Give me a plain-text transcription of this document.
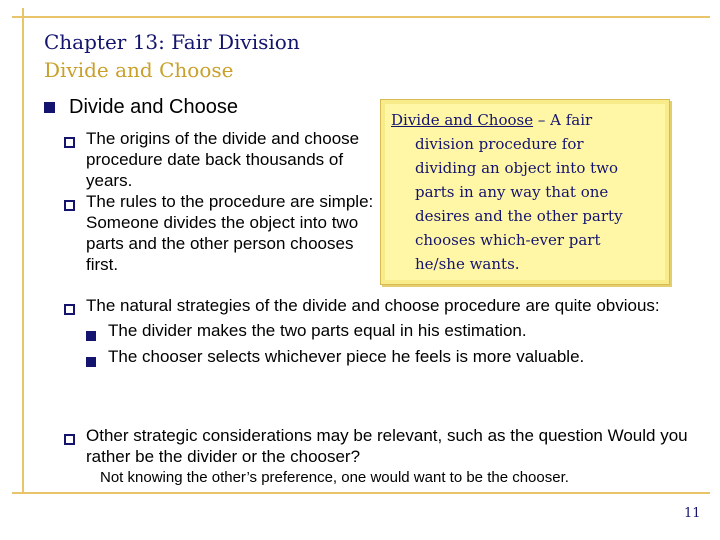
Chapter 13: Fair Division
Divide and Choose
Divide and Choose
The origins of the divide and choose procedure date back thousands of years.
The rules to the procedure are simple: Someone divides the object into two parts and the other person chooses first.
Divide and Choose – A fair
division procedure for
dividing an object into two
parts in any way that one
desires and the other party
chooses which-ever part
he/she wants.
The natural strategies of the divide and choose procedure are quite obvious:
The divider makes the two parts equal in his estimation.
The chooser selects whichever piece he feels is more valuable.
Other strategic considerations may be relevant, such as the question Would you rather be the divider or the chooser?
Not knowing the other’s preference, one would want to be the chooser.
11
